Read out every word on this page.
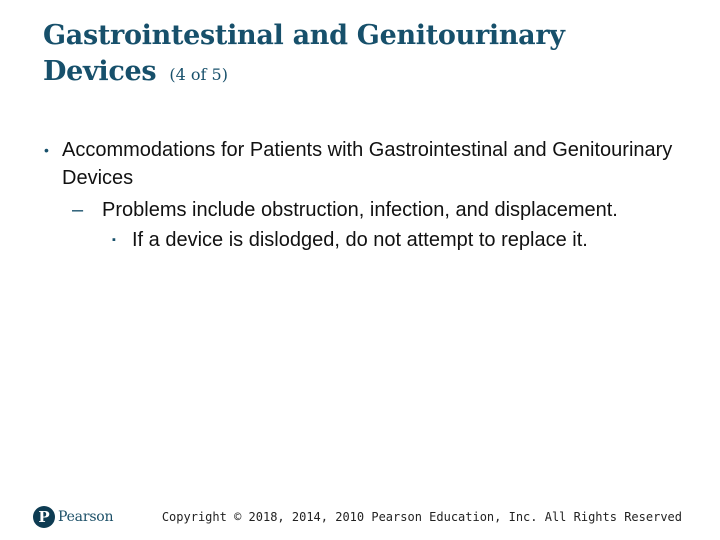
Gastrointestinal and Genitourinary Devices (4 of 5)
• Accommodations for Patients with Gastrointestinal and Genitourinary Devices
– Problems include obstruction, infection, and displacement.
▪ If a device is dislodged, do not attempt to replace it.
P Pearson	Copyright © 2018, 2014, 2010 Pearson Education, Inc. All Rights Reserved
